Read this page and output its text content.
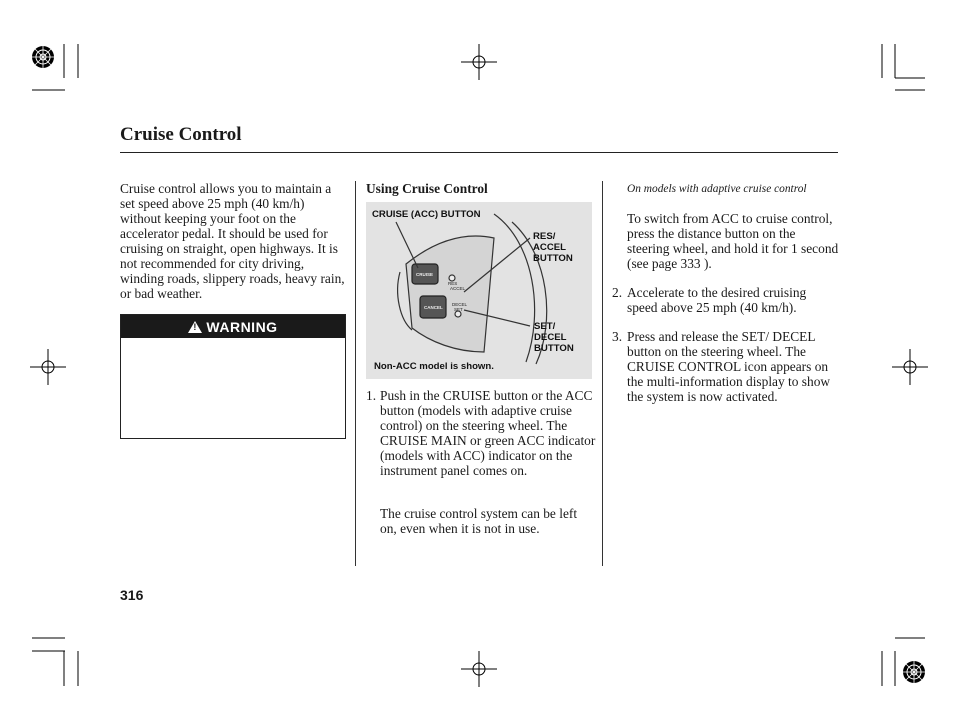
Cruise Control
Cruise control allows you to maintain a set speed above 25 mph (40 km/h) without keeping your foot on the accelerator pedal. It should be used for cruising on straight, open highways. It is not recommended for city driving, winding roads, slippery roads, heavy rain, or bad weather.
!
WARNING
Using Cruise Control
CRUISE
CANCEL
RES
ACCEL
DECEL
SET
CRUISE (ACC) BUTTON
RES/
ACCEL
BUTTON
SET/
DECEL
BUTTON
Non-ACC model is shown.
1. Push in the CRUISE button or the ACC button (models with adaptive cruise control) on the steering wheel. The CRUISE MAIN or green ACC indicator (models with ACC) indicator on the instrument panel comes on.
The cruise control system can be left on, even when it is not in use.
On models with adaptive cruise control
To switch from ACC to cruise control, press the distance button on the steering wheel, and hold it for 1 second (see page 333 ).
2. Accelerate to the desired cruising speed above 25 mph (40 km/h).
3. Press and release the SET/ DECEL button on the steering wheel. The CRUISE CONTROL icon appears on the multi-information display to show the system is now activated.
316
